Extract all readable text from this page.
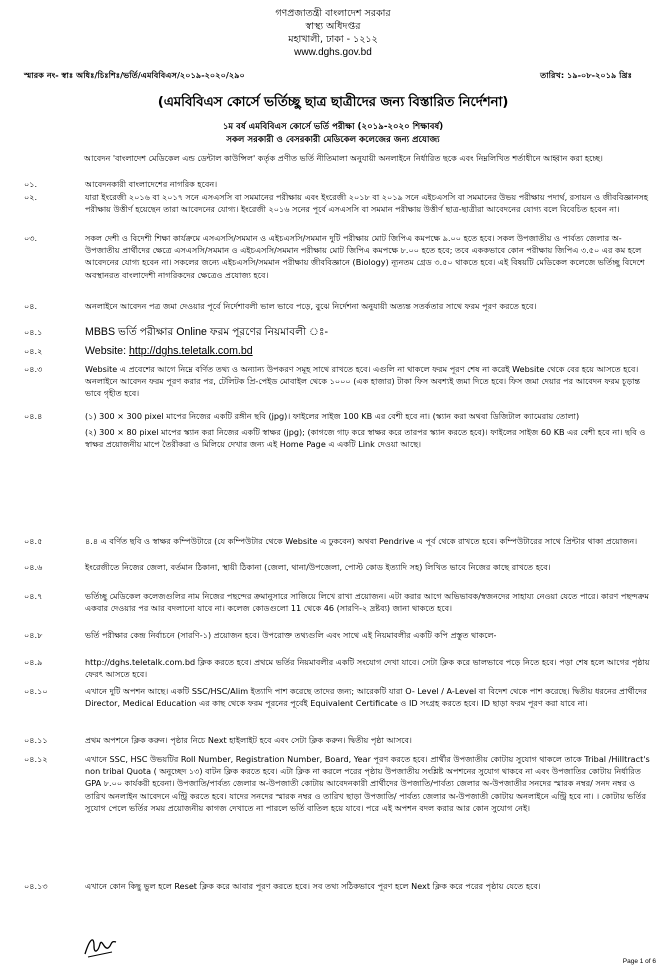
গণপ্রজাতন্ত্রী বাংলাদেশ সরকার
স্বাস্থ্য অধিদপ্তর
মহাখালী, ঢাকা - ১২১২
www.dghs.gov.bd
স্মারক নং- স্বাঃ অধিঃ/চিঃশিঃ/ভর্তি/এমবিবিএস/২০১৯-২০২০/২৯০	তারিখ: ১৯-০৮-২০১৯ খ্রিঃ
(এমবিবিএস কোর্সে ভর্তিচ্ছু ছাত্র ছাত্রীদের জন্য বিস্তারিত নির্দেশনা)
১ম বর্ষ এমবিবিএস কোর্সে ভর্তি পরীক্ষা (২০১৯-২০২০ শিক্ষাবর্ষ)
সকল সরকারী ও বেসরকারী মেডিকেল কলেজের জন্য প্রযোজ্য
আবেদন 'বাংলাদেশ মেডিকেল এন্ড ডেন্টাল কাউন্সিল' কর্তৃক প্রণীত ভর্তি নীতিমালা অনুযায়ী অনলাইনে নির্ধারিত ছকে এবং নিম্নলিখিত শর্তাধীনে আহ্বান করা হচ্ছে।
০১.	আবেদনকারী বাংলাদেশের নাগরিক হবেন।
০২.	যারা ইংরেজী ২০১৬ বা ২০১৭ সনে এসএসসি বা সমমানের পরীক্ষায় এবং ইংরেজী ২০১৮ বা ২০১৯ সনে এইচএসসি বা সমমানের উভয় পরীক্ষায় পদার্থ, রসায়ন ও জীববিজ্ঞানসহ পরীক্ষায় উত্তীর্ণ হয়েছেন তারা আবেদনের যোগ্য। ইংরেজী ২০১৬ সনের পূর্বে এসএসসি বা সমমান পরীক্ষায় উত্তীর্ণ ছাত্র-ছাত্রীরা আবেদনের যোগ্য বলে বিবেচিত হবেন না।
০৩.	সকল দেশী ও বিদেশী শিক্ষা কার্যক্রমে এসএসসি/সমমান ও এইচএসসি/সমমান দুটি পরীক্ষায় মোট জিপিএ কমপক্ষে ৯.০০ হতে হবে। সকল উপজাতীয় ও পার্বত্য জেলার অ-উপজাতীয় প্রার্থীদের ক্ষেত্রে এসএসসি/সমমান ও এইচএসসি/সমমান পরীক্ষায় মোট জিপিএ কমপক্ষে ৮.০০ হতে হবে; তবে এককভাবে কোন পরীক্ষায় জিপিএ ৩.৫০ এর কম হলে আবেদনের যোগ্য হবেন না। সকলের জন্যে এইচএসসি/সমমান পরীক্ষায় জীববিজ্ঞানে (Biology) ন্যূনতম গ্রেড ৩.৫০ থাকতে হবে। এই বিষয়টি মেডিকেল কলেজে ভর্তিচ্ছু বিদেশে অবস্থানরত বাংলাদেশী নাগরিকদের ক্ষেত্রেও প্রযোজ্য হবে।
০৪.	অনলাইনে আবেদন পত্র জমা দেওয়ার পূর্বে নির্দেশাবলী ভাল ভাবে পড়ে, বুঝে নির্দেশনা অনুযায়ী অত্যন্ত সতর্কতার সাথে ফরম পূরণ করতে হবে।
০৪.১	MBBS ভর্তি পরীক্ষার Online ফরম পূরণের নিয়মাবলী ঃ-
০৪.২	Website: http://dghs.teletalk.com.bd
০৪.৩	Website এ প্রবেশের আগে নিম্নে বর্ণিত তথ্য ও অন্যান্য উপকরণ সমূহ সাথে রাখতে হবে। এগুলি না থাকলে ফরম পূরণ শেষ না করেই Website থেকে বের হয়ে আসতে হবে। অনলাইনে আবেদন ফরম পূরণ করার পর, টেলিটক প্রি-পেইড মোবাইল থেকে ১০০০ (এক হাজার) টাকা ফিস অবশ্যই জমা দিতে হবে। ফিস জমা দেয়ার পর আবেদন ফরম চূড়ান্ত ভাবে গৃহীত হবে।
০৪.৪	(১) 300 × 300 pixel মাপের নিজের একটি রঙ্গীন ছবি (jpg)। ফাইলের সাইজ 100 KB এর বেশী হবে না। (স্ক্যান করা অথবা ডিজিটাল ক্যামেরায় তোলা)

(২) 300 × 80 pixel মাপের স্ক্যান করা নিজের একটি স্বাক্ষর (jpg); (কাগজে গাঢ় করে স্বাক্ষর করে তারপর স্ক্যান করতে হবে)। ফাইলের সাইজ 60 KB এর বেশী হবে না। ছবি ও স্বাক্ষর প্রয়োজনীয় মাপে তৈরীকরা ও মিলিয়ে দেখার জন্য এই Home Page এ একটি Link দেওয়া আছে।

০৪.৫	৪.৪ এ বর্ণিত ছবি ও স্বাক্ষর কম্পিউটারে (যে কম্পিউটার থেকে Website এ ঢুকবেন) অথবা Pendrive এ পূর্ব থেকে রাখতে হবে। কম্পিউটারের সাথে প্রিন্টার থাকা প্রয়োজন।
০৪.৬	ইংরেজীতে নিজের জেলা, বর্তমান ঠিকানা, স্থায়ী ঠিকানা (জেলা, থানা/উপজেলা, পোস্ট কোড ইত্যাদি সহ) লিখিত ভাবে নিজের কাছে রাখতে হবে।
০৪.৭	ভর্তিচ্ছু মেডিকেল কলেজগুলির নাম নিজের পছন্দের ক্রমানুসারে সাজিয়ে লিখে রাখা প্রয়োজন। এটা করার আগে অভিভাবক/স্বজনদের সাহায্য নেওয়া যেতে পারে। কারণ পছন্দক্রম একবার দেওয়ার পর আর বদলানো যাবে না। কলেজ কোডগুলো 11 থেকে 46 (সারণি-২ দ্রষ্টব্য) জানা থাকতে হবে।
০৪.৮	ভর্তি পরীক্ষার কেন্দ্র নির্বাচনে (সারণি-১) প্রয়োজন হবে। উপরোক্ত তথ্যগুলি এবং সাথে এই নিয়মাবলীর একটি কপি প্রস্তুত থাকলে-
০৪.৯	http://dghs.teletalk.com.bd ক্লিক করতে হবে। প্রথমে ভর্তির নিয়মাবলীর একটি সংযোগ দেখা যাবে। সেটা ক্লিক করে ভালভাবে পড়ে নিতে হবে। পড়া শেষ হলে আগের পৃষ্ঠায় ফেরৎ আসতে হবে।
০৪.১০	এখানে দুটি অপশন আছে। একটি SSC/HSC/Alim ইত্যাদি পাশ করেছে তাদের জন্য; আরেকটি যারা O- Level / A-Level বা বিদেশ থেকে পাশ করেছে। দ্বিতীয় ধরনের প্রার্থীদের Director, Medical Education এর কাছ থেকে ফরম পূরনের পূর্বেই Equivalent Certificate ও ID সংগ্রহ করতে হবে। ID ছাড়া ফরম পূরণ করা যাবে না।
০৪.১১	প্রথম অপশনে ক্লিক করুন। পৃষ্ঠার নিচে Next হাইলাইট হবে এবং সেটা ক্লিক করুন। দ্বিতীয় পৃষ্ঠা আসবে।
০৪.১২	এখানে SSC, HSC উভয়টির Roll Number, Registration Number, Board, Year পূরণ করতে হবে। প্রার্থীর উপজাতীয় কোটায় সুযোগ থাকলে তাকে Tribal /Hilltract's non tribal Quota ( অনুচ্ছেদ ১৩) বাটন ক্লিক করতে হবে। এটা ক্লিক না করলে পরের পৃষ্ঠায় উপজাতীয় সংশ্লিষ্ট অপশনের সুযোগ থাকবে না এবং উপজাতির কোটায় নির্ধারিত GPA ৮.০০ কার্যকরী হবেনা। উপজাতি/পার্বত্য জেলার অ-উপজাতী কোটায় আবেদনকারী প্রার্থীদের উপজাতি/পার্বত্য জেলার অ-উপজাতীর সনদের স্মারক নম্বর/ সনদ নম্বর ও তারিখ অনলাইন আবেদনে এন্ট্রি করতে হবে। যাদের সনদের স্মারক নম্বর ও তারিখ ছাড়া উপজাতি/ পার্বত্য জেলার অ-উপজাতী কোটায় অনলাইনে এন্ট্রি হবে না। । কোটায় ভর্তির সুযোগ পেলে ভর্তির সময় প্রয়োজনীয় কাগজ দেখাতে না পারলে ভর্তি বাতিল হয়ে যাবে। পরে এই অপশন বদল করার আর কোন সুযোগ নেই।
০৪.১৩	এখানে কোন কিছু ভুল হলে Reset ক্লিক করে আবার পূরণ করতে হবে। সব তথ্য সঠিকভাবে পূরণ হলে Next ক্লিক করে পরের পৃষ্ঠায় যেতে হবে।
Page 1 of 6
